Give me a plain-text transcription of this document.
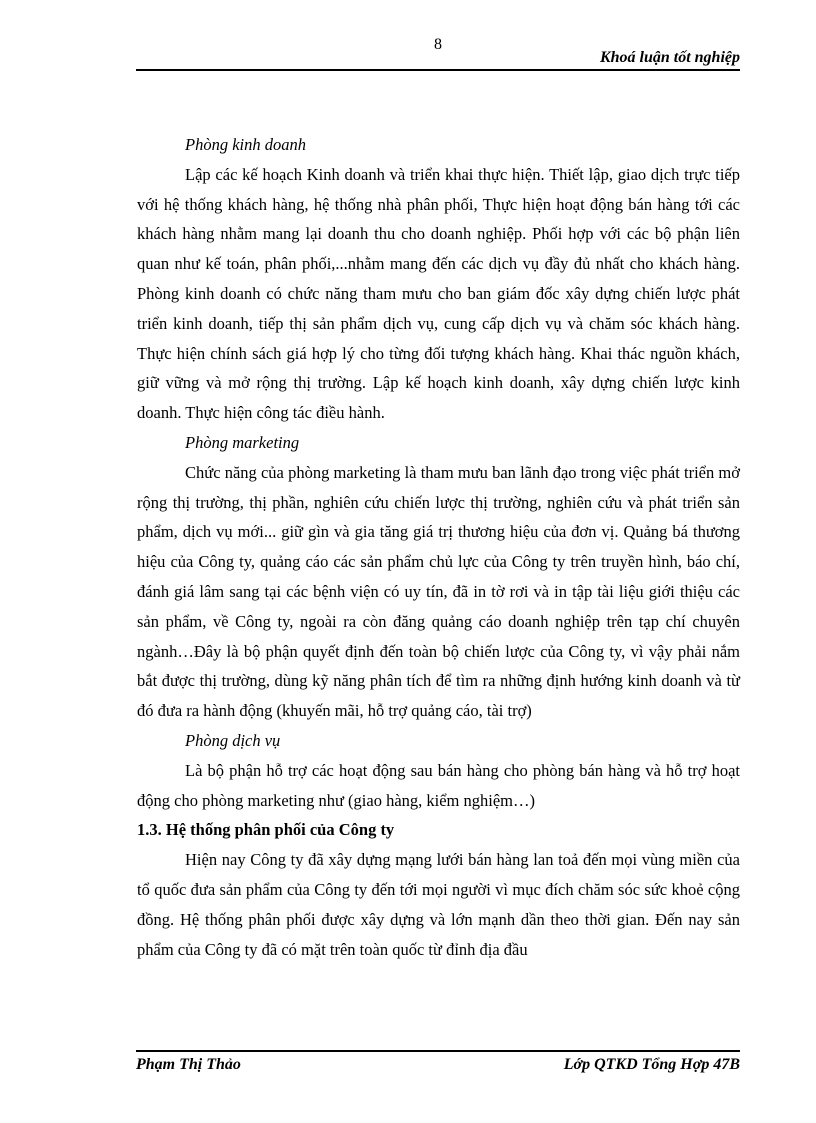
8
Khoá luận tốt nghiệp

Phòng kinh doanh

Lập các kế hoạch Kinh doanh và triển khai thực hiện. Thiết lập, giao dịch trực tiếp với hệ thống khách hàng, hệ thống nhà phân phối, Thực hiện hoạt động bán hàng tới các khách hàng nhằm mang lại doanh thu cho doanh nghiệp. Phối hợp với các bộ phận liên quan như kế toán, phân phối,...nhằm mang đến các dịch vụ đầy đủ nhất cho khách hàng. Phòng kinh doanh có chức năng tham mưu cho ban giám đốc xây dựng chiến lược phát triển kinh doanh, tiếp thị sản phẩm dịch vụ, cung cấp dịch vụ và chăm sóc khách hàng. Thực hiện chính sách giá hợp lý cho từng đối tượng khách hàng. Khai thác nguồn khách, giữ vững và mở rộng thị trường. Lập kế hoạch kinh doanh, xây dựng chiến lược kinh doanh. Thực hiện công tác điều hành.

Phòng marketing

Chức năng của phòng marketing là tham mưu ban lãnh đạo trong việc phát triển mở rộng thị trường, thị phần, nghiên cứu chiến lược thị trường, nghiên cứu và phát triển sản phẩm, dịch vụ mới... giữ gìn và gia tăng giá trị thương hiệu của đơn vị. Quảng bá thương hiệu của Công ty, quảng cáo các sản phẩm chủ lực của Công ty trên truyền hình, báo chí, đánh giá lâm sang tại các bệnh viện có uy tín, đã in tờ rơi và in tập tài liệu giới thiệu các sản phẩm, về Công ty, ngoài ra còn đăng quảng cáo doanh nghiệp trên tạp chí chuyên ngành…Đây là bộ phận quyết định đến toàn bộ chiến lược của Công ty, vì vậy phải nắm bắt được thị trường, dùng kỹ năng phân tích để tìm ra những định hướng kinh doanh và từ đó đưa ra hành động (khuyến mãi, hỗ trợ quảng cáo, tài trợ)

Phòng dịch vụ

Là bộ phận hỗ trợ các hoạt động sau bán hàng cho phòng bán hàng và hỗ trợ hoạt động cho phòng marketing như (giao hàng, kiểm nghiệm…)

1.3. Hệ thống phân phối của Công ty

Hiện nay Công ty đã xây dựng mạng lưới bán hàng lan toả đến mọi vùng miền của tổ quốc đưa sản phẩm của Công ty đến tới mọi người vì mục đích chăm sóc sức khoẻ cộng đồng. Hệ thống phân phối được xây dựng và lớn mạnh dần theo thời gian. Đến nay sản phẩm của Công ty đã có mặt trên toàn quốc từ đỉnh địa đầu

Phạm Thị Thảo	Lớp QTKD Tổng Hợp 47B
